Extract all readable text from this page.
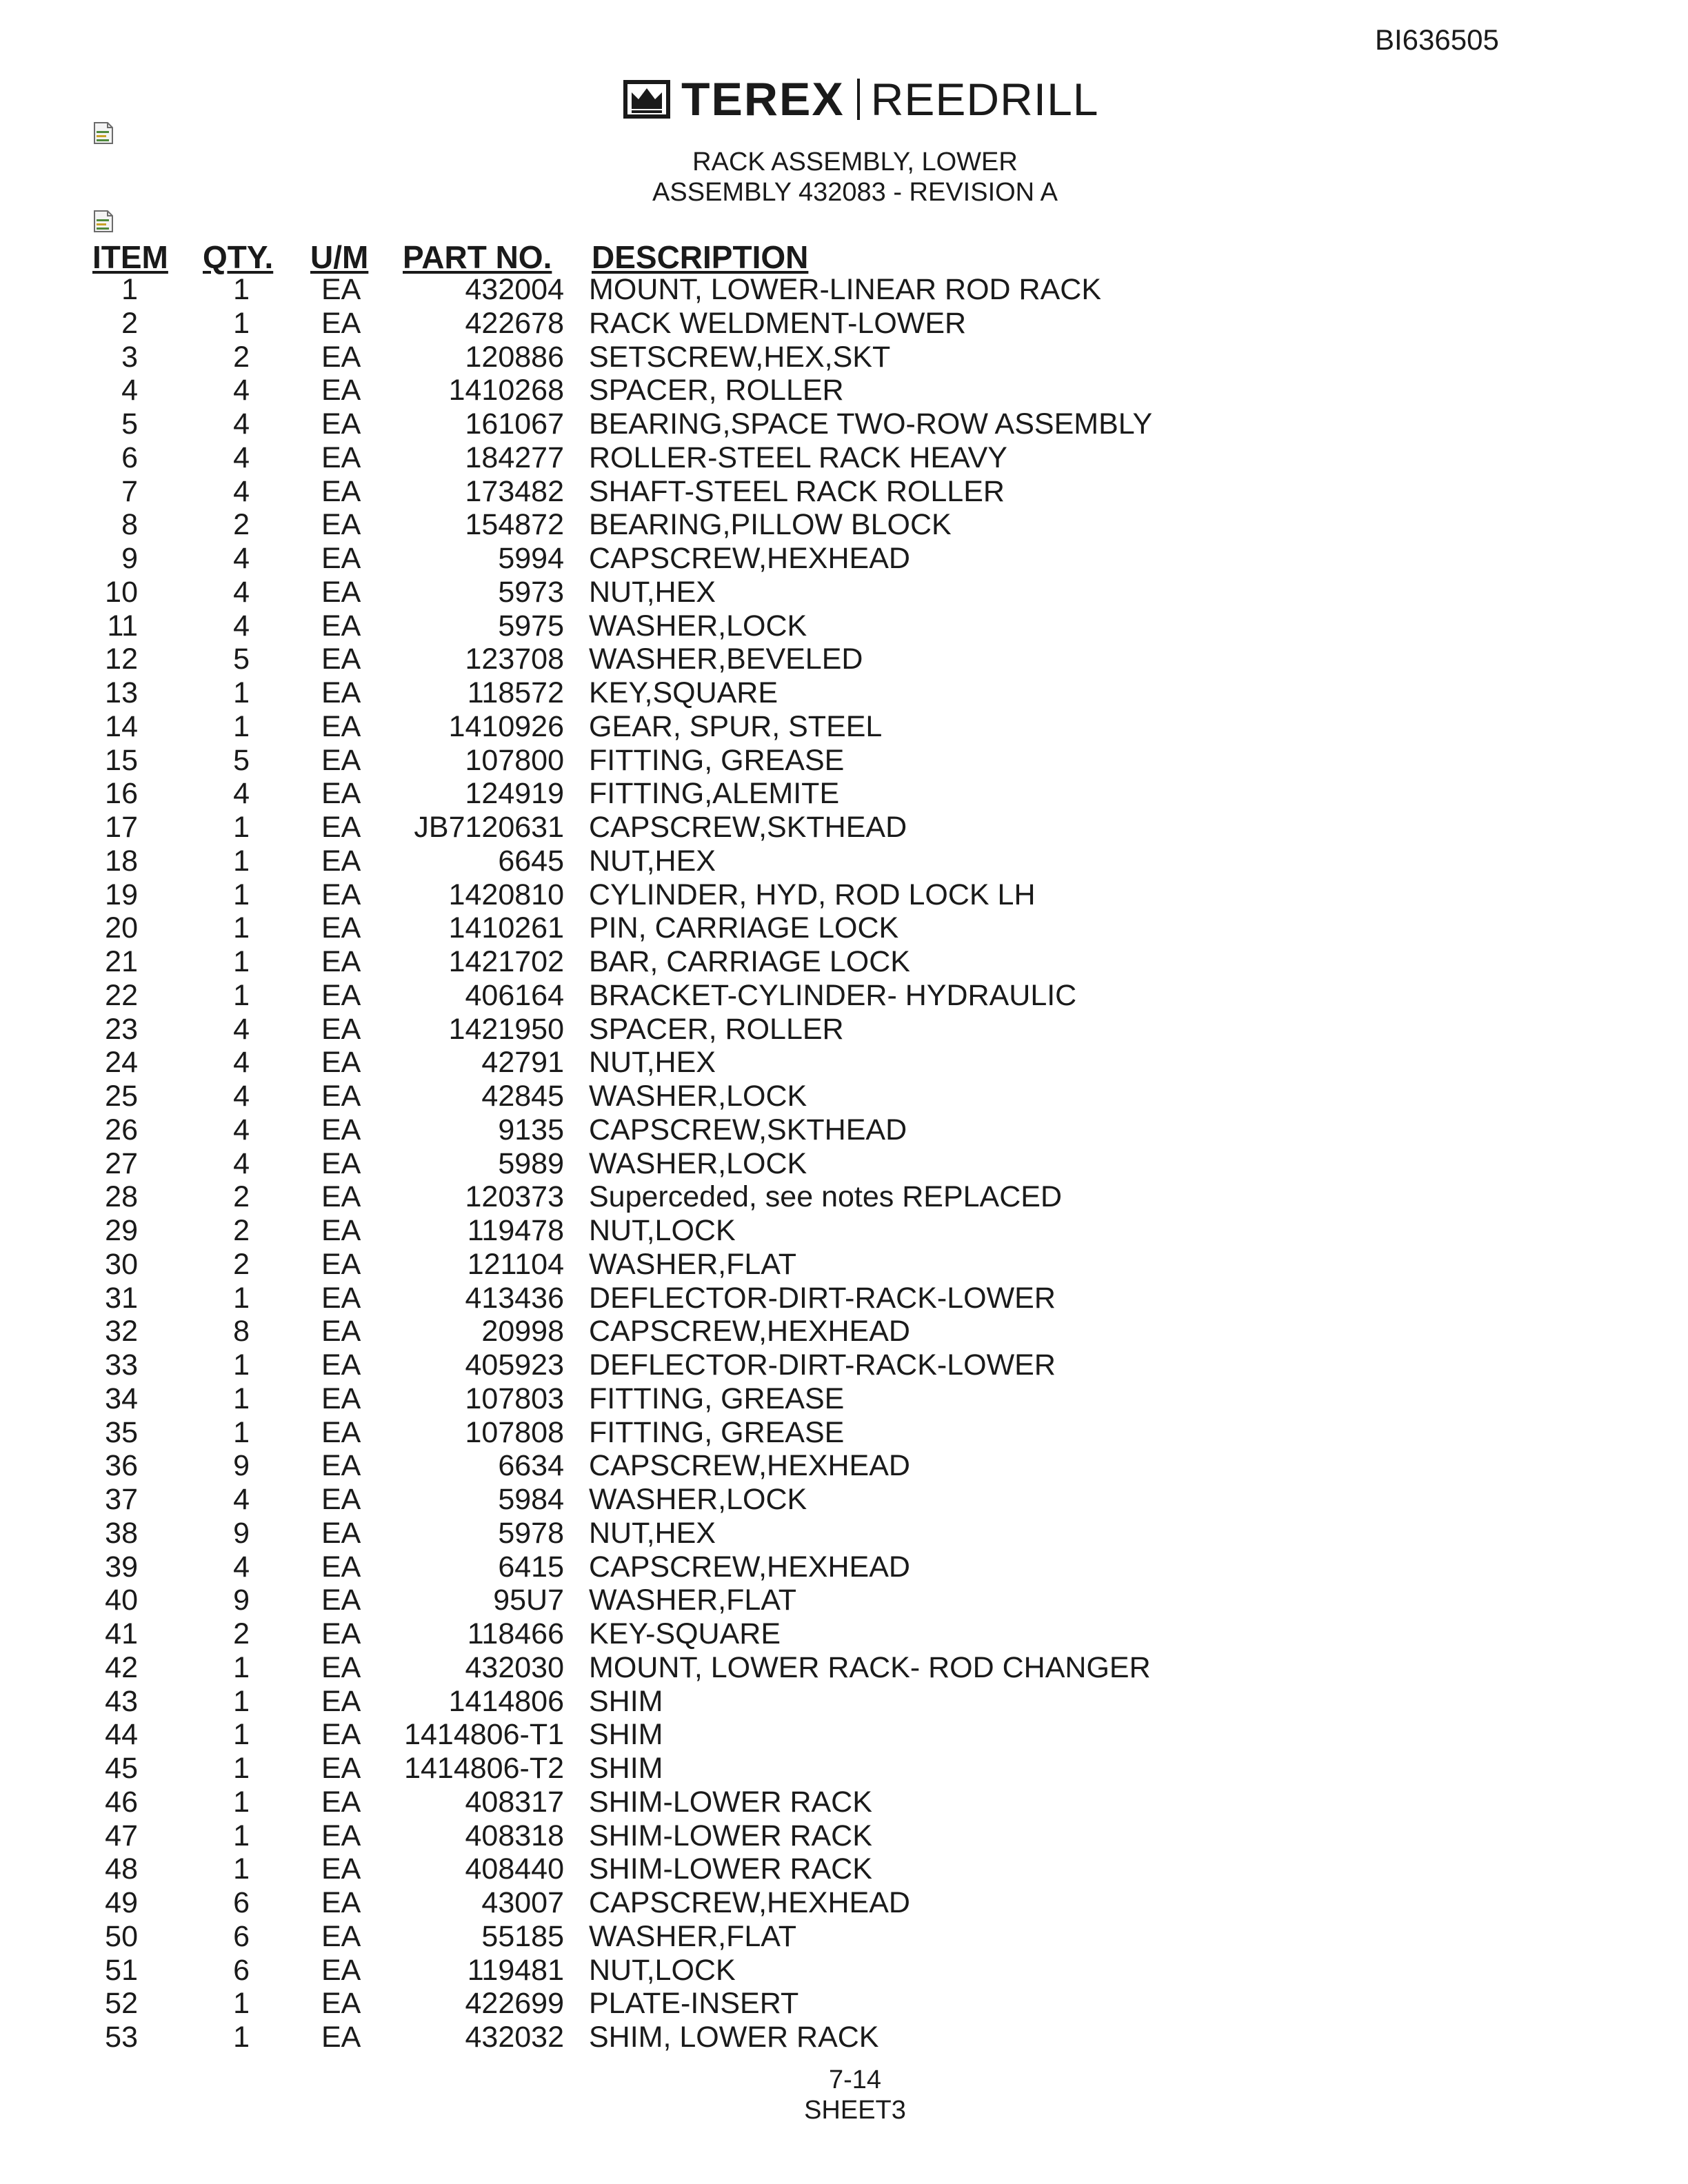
BI636505
TEREX REEDRILL
RACK ASSEMBLY, LOWER
ASSEMBLY 432083 - REVISION A
ITEM QTY. U/M PART NO. DESCRIPTION
1	1 EA	432004 MOUNT, LOWER-LINEAR ROD RACK
2	1 EA	422678 RACK WELDMENT-LOWER
3	2 EA	120886 SETSCREW,HEX,SKT
4	4 EA	1410268 SPACER, ROLLER
5	4 EA	161067 BEARING,SPACE TWO-ROW ASSEMBLY
6	4 EA	184277 ROLLER-STEEL RACK HEAVY
7	4 EA	173482 SHAFT-STEEL RACK ROLLER
8	2 EA	154872 BEARING,PILLOW BLOCK
9	4 EA	5994 CAPSCREW,HEXHEAD
10	4 EA	5973 NUT,HEX
11	4 EA	5975 WASHER,LOCK
12	5 EA	123708 WASHER,BEVELED
13	1 EA	118572 KEY,SQUARE
14	1 EA	1410926 GEAR, SPUR, STEEL
15	5 EA	107800 FITTING, GREASE
16	4 EA	124919 FITTING,ALEMITE
17	1 EA JB7120631 CAPSCREW,SKTHEAD
18	1 EA	6645 NUT,HEX
19	1 EA	1420810 CYLINDER, HYD, ROD LOCK LH
20	1 EA	1410261 PIN, CARRIAGE LOCK
21	1 EA	1421702 BAR, CARRIAGE LOCK
22	1 EA	406164 BRACKET-CYLINDER- HYDRAULIC
23	4 EA	1421950 SPACER, ROLLER
24	4 EA	42791 NUT,HEX
25	4 EA	42845 WASHER,LOCK
26	4 EA	9135 CAPSCREW,SKTHEAD
27	4 EA	5989 WASHER,LOCK
28	2 EA	120373 Superceded, see notes REPLACED
29	2 EA	119478 NUT,LOCK
30	2 EA	121104 WASHER,FLAT
31	1 EA	413436 DEFLECTOR-DIRT-RACK-LOWER
32	8 EA	20998 CAPSCREW,HEXHEAD
33	1 EA	405923 DEFLECTOR-DIRT-RACK-LOWER
34	1 EA	107803 FITTING, GREASE
35	1 EA	107808 FITTING, GREASE
36	9 EA	6634 CAPSCREW,HEXHEAD
37	4 EA	5984 WASHER,LOCK
38	9 EA	5978 NUT,HEX
39	4 EA	6415 CAPSCREW,HEXHEAD
40	9 EA	95U7 WASHER,FLAT
41	2 EA	118466 KEY-SQUARE
42	1 EA	432030 MOUNT, LOWER RACK- ROD CHANGER
43	1 EA	1414806 SHIM
44	1 EA 1414806-T1 SHIM
45	1 EA 1414806-T2 SHIM
46	1 EA	408317 SHIM-LOWER RACK
47	1 EA	408318 SHIM-LOWER RACK
48	1 EA	408440 SHIM-LOWER RACK
49	6 EA	43007 CAPSCREW,HEXHEAD
50	6 EA	55185 WASHER,FLAT
51	6 EA	119481 NUT,LOCK
52	1 EA	422699 PLATE-INSERT
53	1 EA	432032 SHIM, LOWER RACK
7-14
SHEET3
